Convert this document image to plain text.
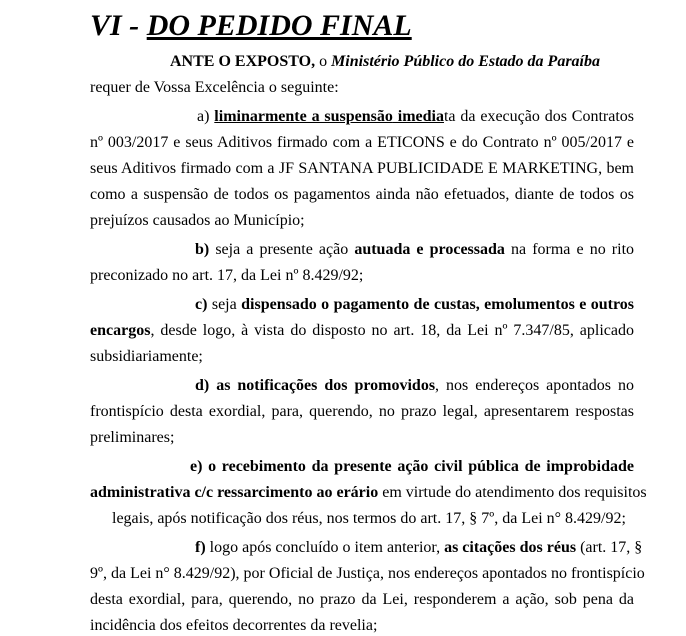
VI - DO PEDIDO FINAL
ANTE O EXPOSTO, o Ministério Público do Estado da Paraíba
requer de Vossa Excelência o seguinte:
a) liminarmente a suspensão imediata da execução dos Contratos
nº 003/2017 e seus Aditivos firmado com a ETICONS e do Contrato nº 005/2017 e
seus Aditivos firmado com a JF SANTANA PUBLICIDADE E MARKETING, bem
como a suspensão de todos os pagamentos ainda não efetuados, diante de todos os
prejuízos causados ao Município;
b) seja a presente ação autuada e processada na forma e no rito
preconizado no art. 17, da Lei nº 8.429/92;
c) seja dispensado o pagamento de custas, emolumentos e outros
encargos, desde logo, à vista do disposto no art. 18, da Lei nº 7.347/85, aplicado
subsidiariamente;
d) as notificações dos promovidos, nos endereços apontados no
frontispício desta exordial, para, querendo, no prazo legal, apresentarem respostas
preliminares;
e) o recebimento da presente ação civil pública de improbidade
administrativa c/c ressarcimento ao erário em virtude do atendimento dos requisitos
legais, após notificação dos réus, nos termos do art. 17, § 7º, da Lei n° 8.429/92;
f) logo após concluído o item anterior, as citações dos réus (art. 17, §
9º, da Lei n° 8.429/92), por Oficial de Justiça, nos endereços apontados no frontispício
desta exordial, para, querendo, no prazo da Lei, responderem a ação, sob pena da
incidência dos efeitos decorrentes da revelia;
